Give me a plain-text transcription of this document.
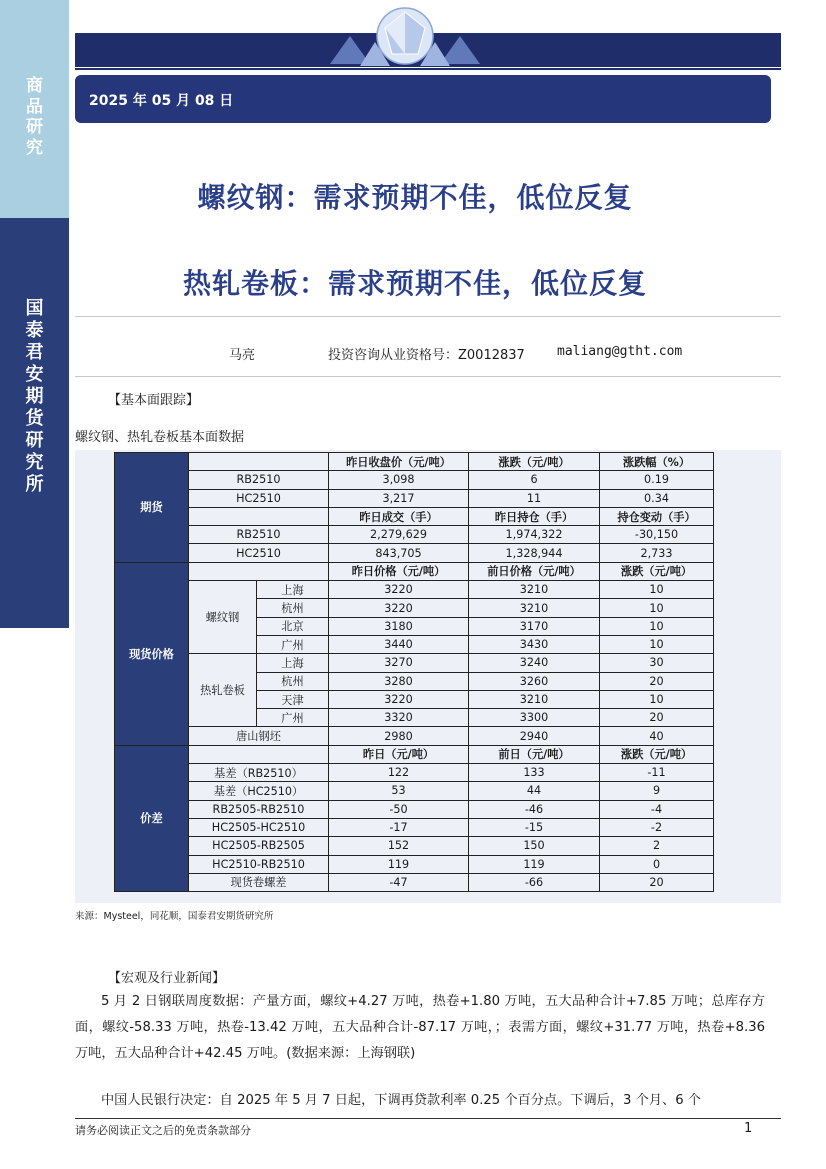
商
品
研
究
国
泰
君
安
期
货
研
究
所
2025 年 05 月 08 日
螺纹钢：需求预期不佳，低位反复
热轧卷板：需求预期不佳，低位反复
马亮	投资咨询从业资格号：Z0012837 maliang@gtht.com
【基本面跟踪】
螺纹钢、热轧卷板基本面数据
期货			昨日收盘价（元/吨）	涨跌（元/吨）	涨跌幅（%）
	RB2510		3,098	6	0.19
	HC2510		3,217	11	0.34
			昨日成交（手）	昨日持仓（手）	持仓变动（手）
	RB2510		2,279,629	1,974,322	-30,150
	HC2510		843,705	1,328,944	2,733
现货价格			昨日价格（元/吨）	前日价格（元/吨）	涨跌（元/吨）
	螺纹钢	上海	3220	3210	10
		杭州	3220	3210	10
		北京	3180	3170	10
		广州	3440	3430	10
	热轧卷板	上海	3270	3240	30
		杭州	3280	3260	20
		天津	3220	3210	10
		广州	3320	3300	20
	唐山钢坯		2980	2940	40
价差			昨日（元/吨）	前日（元/吨）	涨跌（元/吨）
	基差（RB2510）		122	133	-11
	基差（HC2510）		53	44	9
	RB2505-RB2510		-50	-46	-4
	HC2505-HC2510		-17	-15	-2
	HC2505-RB2505		152	150	2
	HC2510-RB2510		119	119	0
	现货卷螺差		-47	-66	20
来源：Mysteel，同花顺，国泰君安期货研究所
【宏观及行业新闻】
5 月 2 日钢联周度数据：产量方面，螺纹+4.27 万吨，热卷+1.80 万吨，五大品种合计+7.85 万吨；总库存方面，螺纹-58.33 万吨，热卷-13.42 万吨，五大品种合计-87.17 万吨，；表需方面，螺纹+31.77 万吨，热卷+8.36 万吨，五大品种合计+42.45 万吨。(数据来源：上海钢联)
中国人民银行决定：自 2025 年 5 月 7 日起，下调再贷款利率 0.25 个百分点。下调后，3 个月、6 个
请务必阅读正文之后的免责条款部分	1
